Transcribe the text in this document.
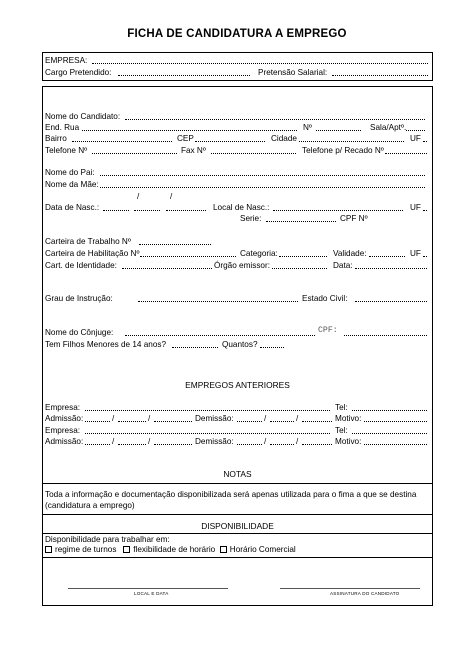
FICHA DE CANDIDATURA A EMPREGO
EMPRESA:
Cargo Pretendido:	Pretensão Salarial:
Nome do Candidato:
End. Rua	Nº	Sala/Aptº.
Bairro	CEP	Cidade	UF
Telefone Nº	Fax Nº	Telefone p/ Recado Nº
Nome do Pai:
Nome da Mãe:
/	/
Data de Nasc.:	Local de Nasc.:	UF
Serie:	CPF Nº
Carteira de Trabalho Nº
Carteira de Habilitação Nº	Categoria:	Validade:	UF
Cart. de Identidade:	Órgão emissor:	Data:
Grau de Instrução:	Estado Civil:
Nome do Cônjuge:	CPF:
Tem Filhos Menores de 14 anos?	Quantos?
EMPREGOS ANTERIORES
Empresa:	Tel:
Admissão:	/	/	Demissão:	/	/	Motivo:
Empresa:	Tel:
Admissão:	/	/	Demissão:	/	/	Motivo:
NOTAS
Toda a informação e documentação disponibilizada será apenas utilizada para o fima a que se destina
(candidatura a emprego)
DISPONIBILIDADE
Disponibilidade para trabalhar em:
regime de turnos flexibilidade de horário Horário Comercial
LOCAL E DATA	ASSINATURA DO CANDIDATO
